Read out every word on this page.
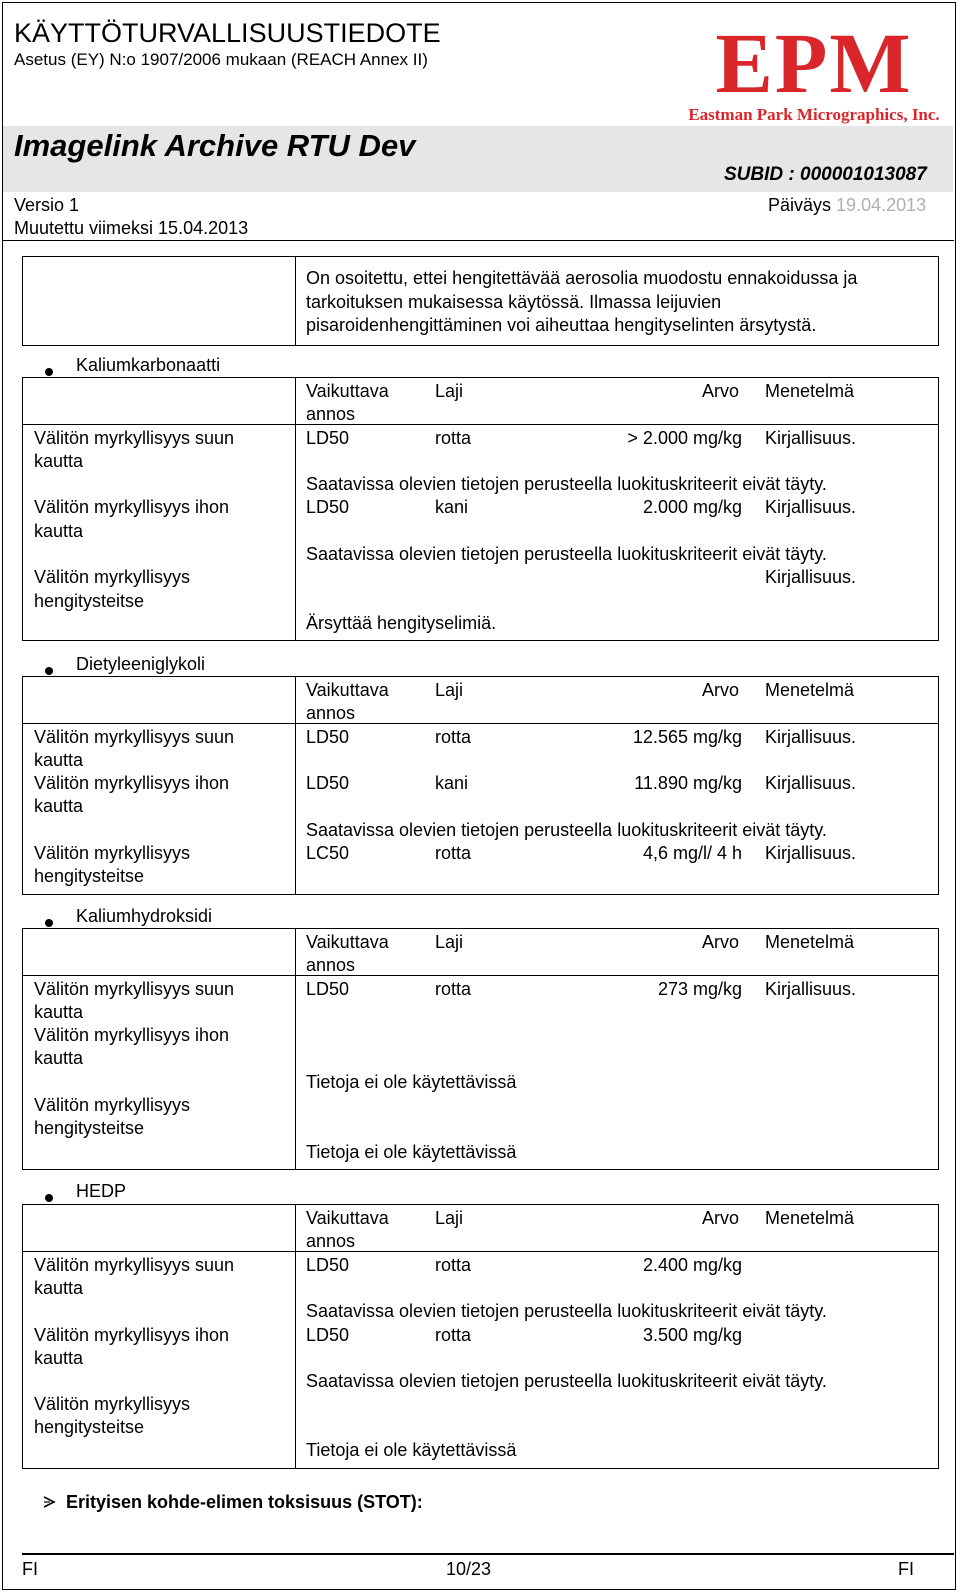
KÄYTTÖTURVALLISUUSTIEDOTE
Asetus (EY) N:o 1907/2006 mukaan (REACH Annex II)
Imagelink Archive RTU Dev
SUBID : 000001013087
EPM
Eastman Park Micrographics, Inc.
Versio 1	Päiväys 19.04.2013
Muutettu viimeksi 15.04.2013
On osoitettu, ettei hengitettävää aerosolia muodostu ennakoidussa ja
tarkoituksen mukaisessa käytössä. Ilmassa leijuvien
pisaroidenhengittäminen voi aiheuttaa hengityselinten ärsytystä.
Kaliumkarbonaatti
Vaikuttava
annos
Laji	Arvo Menetelmä
Välitön myrkyllisyys suun
kautta
LD50	rotta	> 2.000 mg/kg Kirjallisuus.
Saatavissa olevien tietojen perusteella luokituskriteerit eivät täyty.
Välitön myrkyllisyys ihon
kautta
LD50	kani	2.000 mg/kg Kirjallisuus.
Saatavissa olevien tietojen perusteella luokituskriteerit eivät täyty.
Välitön myrkyllisyys
hengitysteitse
Kirjallisuus.
Ärsyttää hengityselimiä.
Dietyleeniglykoli
Vaikuttava
annos
Laji	Arvo Menetelmä
Välitön myrkyllisyys suun
kautta
LD50	rotta	12.565 mg/kg Kirjallisuus.
Välitön myrkyllisyys ihon
kautta
LD50	kani	11.890 mg/kg Kirjallisuus.
Saatavissa olevien tietojen perusteella luokituskriteerit eivät täyty.
Välitön myrkyllisyys
hengitysteitse
LC50	rotta	4,6 mg/l/ 4 h Kirjallisuus.
Kaliumhydroksidi
Vaikuttava
annos
Laji	Arvo Menetelmä
Välitön myrkyllisyys suun
kautta
LD50	rotta	273 mg/kg Kirjallisuus.
Välitön myrkyllisyys ihon
kautta
Tietoja ei ole käytettävissä
Välitön myrkyllisyys
hengitysteitse
Tietoja ei ole käytettävissä
HEDP
Vaikuttava
annos
Laji	Arvo Menetelmä
Välitön myrkyllisyys suun
kautta
LD50	rotta	2.400 mg/kg
Saatavissa olevien tietojen perusteella luokituskriteerit eivät täyty.
Välitön myrkyllisyys ihon
kautta
LD50	rotta	3.500 mg/kg
Saatavissa olevien tietojen perusteella luokituskriteerit eivät täyty.
Välitön myrkyllisyys
hengitysteitse
Tietoja ei ole käytettävissä
Erityisen kohde-elimen toksisuus (STOT):
FI	10/23	FI
